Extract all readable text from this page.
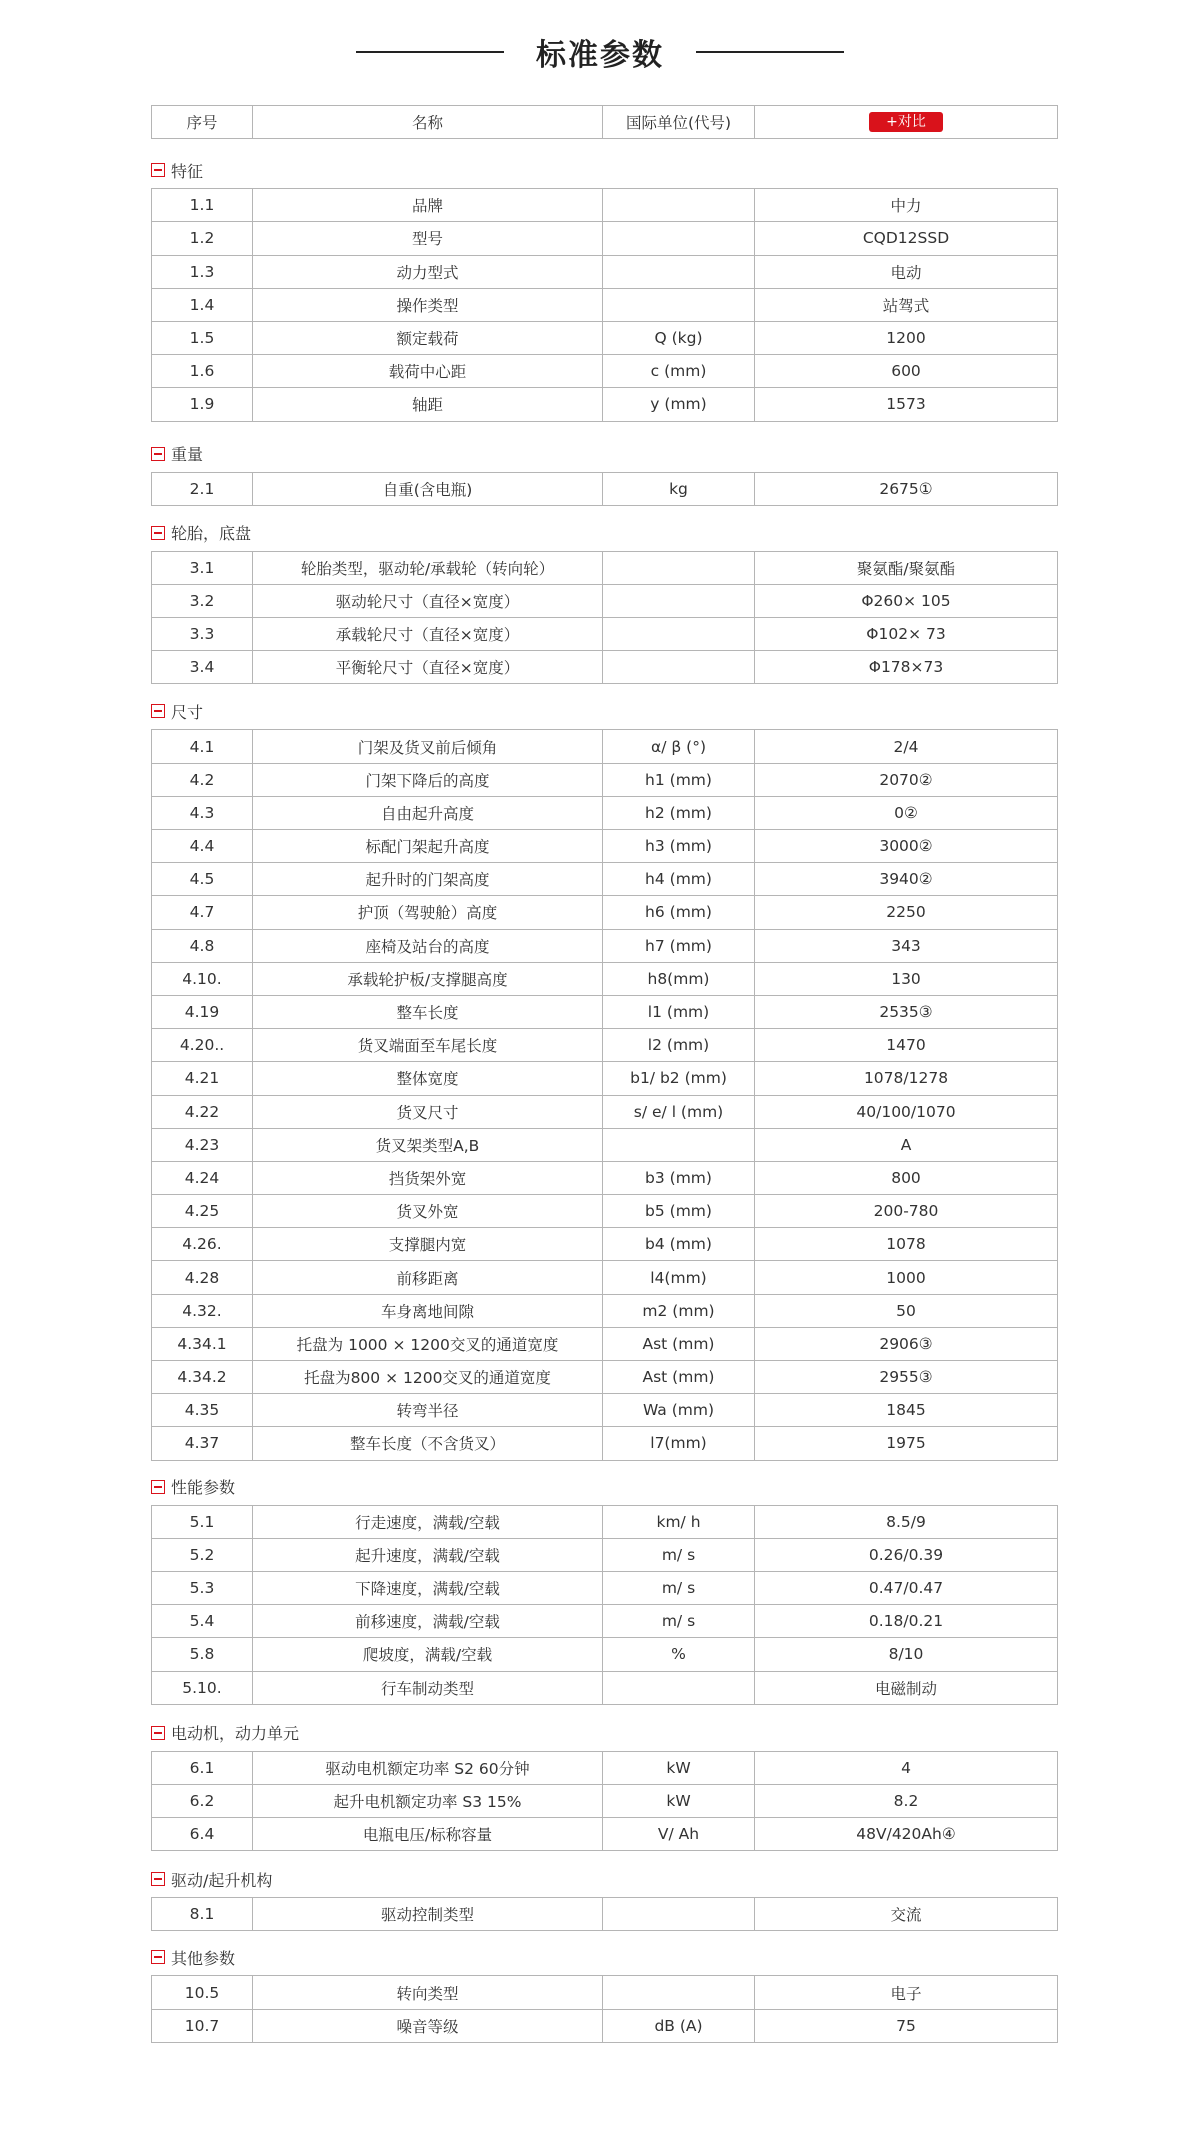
标准参数
序号	名称	国际单位(代号)	+对比
特征
1.1	品牌		中力
1.2	型号		CQD12SSD
1.3	动力型式		电动
1.4	操作类型		站驾式
1.5	额定载荷	Q (kg)	1200
1.6	载荷中心距	c (mm)	600
1.9	轴距	y (mm)	1573
重量
2.1	自重(含电瓶)	kg	2675①
轮胎，底盘
3.1	轮胎类型，驱动轮/承载轮（转向轮）		聚氨酯/聚氨酯
3.2	驱动轮尺寸（直径×宽度）		Φ260× 105
3.3	承载轮尺寸（直径×宽度）		Φ102× 73
3.4	平衡轮尺寸（直径×宽度）		Φ178×73
尺寸
4.1	门架及货叉前后倾角	α/ β (°)	2/4
4.2	门架下降后的高度	h1 (mm)	2070②
4.3	自由起升高度	h2 (mm)	0②
4.4	标配门架起升高度	h3 (mm)	3000②
4.5	起升时的门架高度	h4 (mm)	3940②
4.7	护顶（驾驶舱）高度	h6 (mm)	2250
4.8	座椅及站台的高度	h7 (mm)	343
4.10.	承载轮护板/支撑腿高度	h8(mm)	130
4.19	整车长度	l1 (mm)	2535③
4.20..	货叉端面至车尾长度	l2 (mm)	1470
4.21	整体宽度	b1/ b2 (mm)	1078/1278
4.22	货叉尺寸	s/ e/ l (mm)	40/100/1070
4.23	货叉架类型A,B		A
4.24	挡货架外宽	b3 (mm)	800
4.25	货叉外宽	b5 (mm)	200-780
4.26.	支撑腿内宽	b4 (mm)	1078
4.28	前移距离	l4(mm)	1000
4.32.	车身离地间隙	m2 (mm)	50
4.34.1	托盘为 1000 × 1200交叉的通道宽度	Ast (mm)	2906③
4.34.2	托盘为800 × 1200交叉的通道宽度	Ast (mm)	2955③
4.35	转弯半径	Wa (mm)	1845
4.37	整车长度（不含货叉）	l7(mm)	1975
性能参数
5.1	行走速度，满载/空载	km/ h	8.5/9
5.2	起升速度，满载/空载	m/ s	0.26/0.39
5.3	下降速度，满载/空载	m/ s	0.47/0.47
5.4	前移速度，满载/空载	m/ s	0.18/0.21
5.8	爬坡度，满载/空载	%	8/10
5.10.	行车制动类型		电磁制动
电动机，动力单元
6.1	驱动电机额定功率 S2 60分钟	kW	4
6.2	起升电机额定功率 S3 15%	kW	8.2
6.4	电瓶电压/标称容量	V/ Ah	48V/420Ah④
驱动/起升机构
8.1	驱动控制类型		交流
其他参数
10.5	转向类型		电子
10.7	噪音等级	dB (A)	75
